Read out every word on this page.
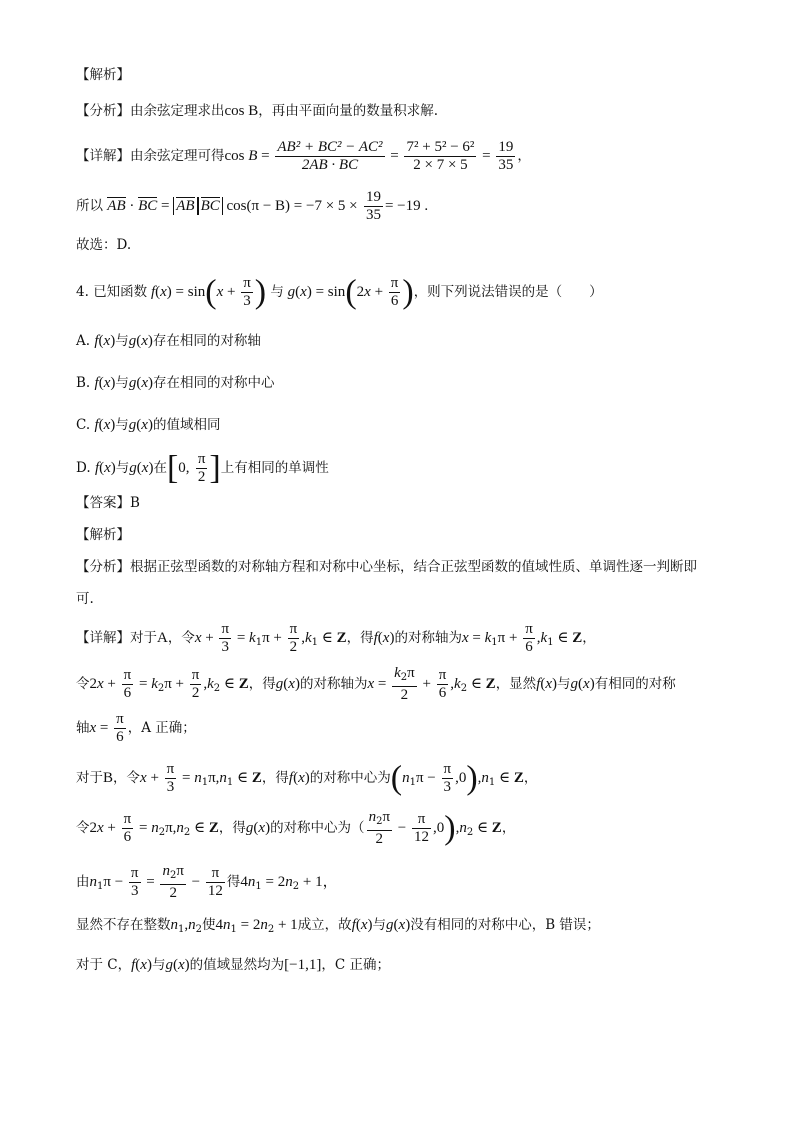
【解析】
【分析】由余弦定理求出cos B，再由平面向量的数量积求解.
【详解】由余弦定理可得$\cos B = \frac{\text{AB² + BC² − AC²}}{2AB \cdot BC} = \frac{\text{7² + 5² − 6²}}{2 \times 7 \times 5} = \frac{19}{35}$ ，
所以 AB · BC = AB BC $\cos(\pi - B) = -7 \times 5 \times \frac{19}{35} = -19$ .
故选：D.
4. 已知函数 $f(x) = \sin(x + \frac{\pi}{3}$ ) 与 $g(x) = \sin(2x + \frac{\pi}{6}$ )，则下列说法错误的是（　　）
A. f(x)与g(x)存在相同的对称轴
B. f(x)与g(x)存在相同的对称中心
C. f(x)与g(x)的值域相同
D. f(x)与g(x)在[0, $\frac{\pi}{2}$ ]上有相同的单调性
【答案】B
【解析】
【分析】根据正弦型函数的对称轴方程和对称中心坐标，结合正弦型函数的值域性质、单调性逐一判断即
可.
【详解】对于A，令$x + \frac{\pi}{3} = k_1\pi + \frac{\pi}{2} ,k_1$ ∈ Z，得f(x)的对称轴为$x = k_1\pi + \frac{\pi}{6} ,k_1$ ∈ Z，
令$2x + \frac{\pi}{6} = k_2\pi + \frac{\pi}{2} ,k_2$ ∈ Z，得g(x)的对称轴为$x = \frac{k_2\pi}{2} + \frac{\pi}{6} ,k_2$ ∈ Z，显然f(x)与g(x)有相同的对称
轴$x = \frac{\pi}{6}$ ，A 正确；
对于B，令$x + \frac{\pi}{3} = n_1\pi,n_1$ ∈ Z，得f(x)的对称中心为$(n_1\pi - \frac{\pi}{3} ,0),n_1$ ∈ Z，
令$2x + \frac{\pi}{6} = n_2\pi,n_2$ ∈ Z，得g(x)的对称中心为（ $\frac{n_2\pi}{2} - \frac{\pi}{12} ,0),n_2$ ∈ Z，
由$n_1\pi - \frac{\pi}{3} = \frac{n_2\pi}{2} - \frac{\pi}{12}$ 得$4n_1 = 2n_2 + 1$，
显然不存在整数$n_1,n_2$使$4n_1 = 2n_2 + 1$成立，故f(x)与g(x)没有相同的对称中心，B 错误；
对于 C，f(x)与g(x)的值域显然均为[−1,1]，C 正确；
